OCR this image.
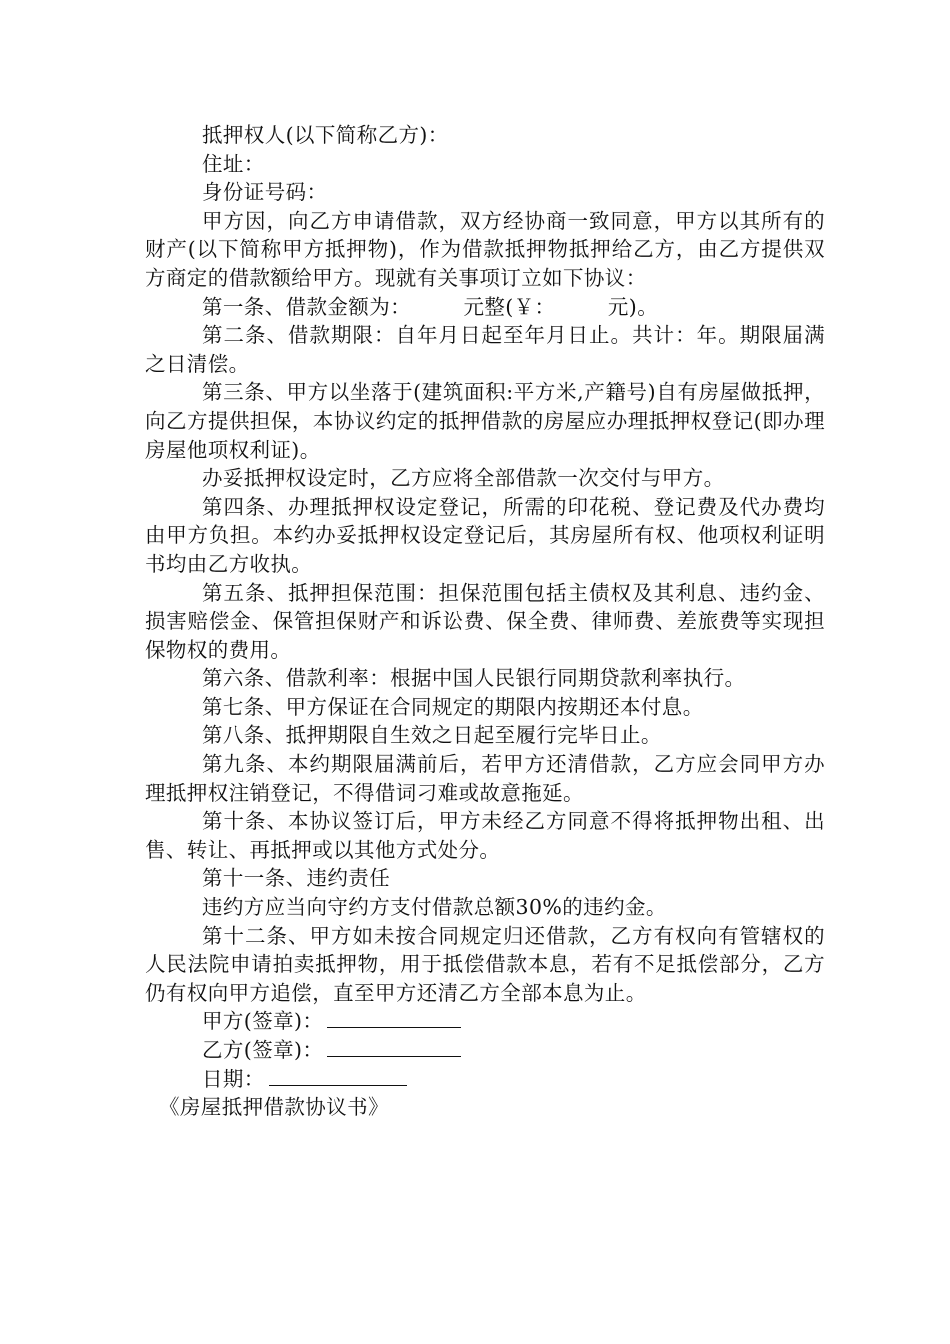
抵押权人(以下简称乙方)：

住址：

身份证号码：

甲方因，向乙方申请借款，双方经协商一致同意，甲方以其所有的财产(以下简称甲方抵押物)，作为借款抵押物抵押给乙方，由乙方提供双方商定的借款额给甲方。现就有关事项订立如下协议：

第一条、借款金额为：　　　元整(￥：　　　元)。

第二条、借款期限：自年月日起至年月日止。共计：年。期限届满之日清偿。

第三条、甲方以坐落于(建筑面积:平方米,产籍号)自有房屋做抵押，向乙方提供担保，本协议约定的抵押借款的房屋应办理抵押权登记(即办理房屋他项权利证)。

办妥抵押权设定时，乙方应将全部借款一次交付与甲方。

第四条、办理抵押权设定登记，所需的印花税、登记费及代办费均由甲方负担。本约办妥抵押权设定登记后，其房屋所有权、他项权利证明书均由乙方收执。

第五条、抵押担保范围：担保范围包括主债权及其利息、违约金、损害赔偿金、保管担保财产和诉讼费、保全费、律师费、差旅费等实现担保物权的费用。

第六条、借款利率：根据中国人民银行同期贷款利率执行。

第七条、甲方保证在合同规定的期限内按期还本付息。

第八条、抵押期限自生效之日起至履行完毕日止。

第九条、本约期限届满前后，若甲方还清借款，乙方应会同甲方办理抵押权注销登记，不得借词刁难或故意拖延。

第十条、本协议签订后，甲方未经乙方同意不得将抵押物出租、出售、转让、再抵押或以其他方式处分。

第十一条、违约责任

违约方应当向守约方支付借款总额30%的违约金。

第十二条、甲方如未按合同规定归还借款，乙方有权向有管辖权的人民法院申请拍卖抵押物，用于抵偿借款本息，若有不足抵偿部分，乙方仍有权向甲方追偿，直至甲方还清乙方全部本息为止。

甲方(签章)：

乙方(签章)：

日期：

《房屋抵押借款协议书》
